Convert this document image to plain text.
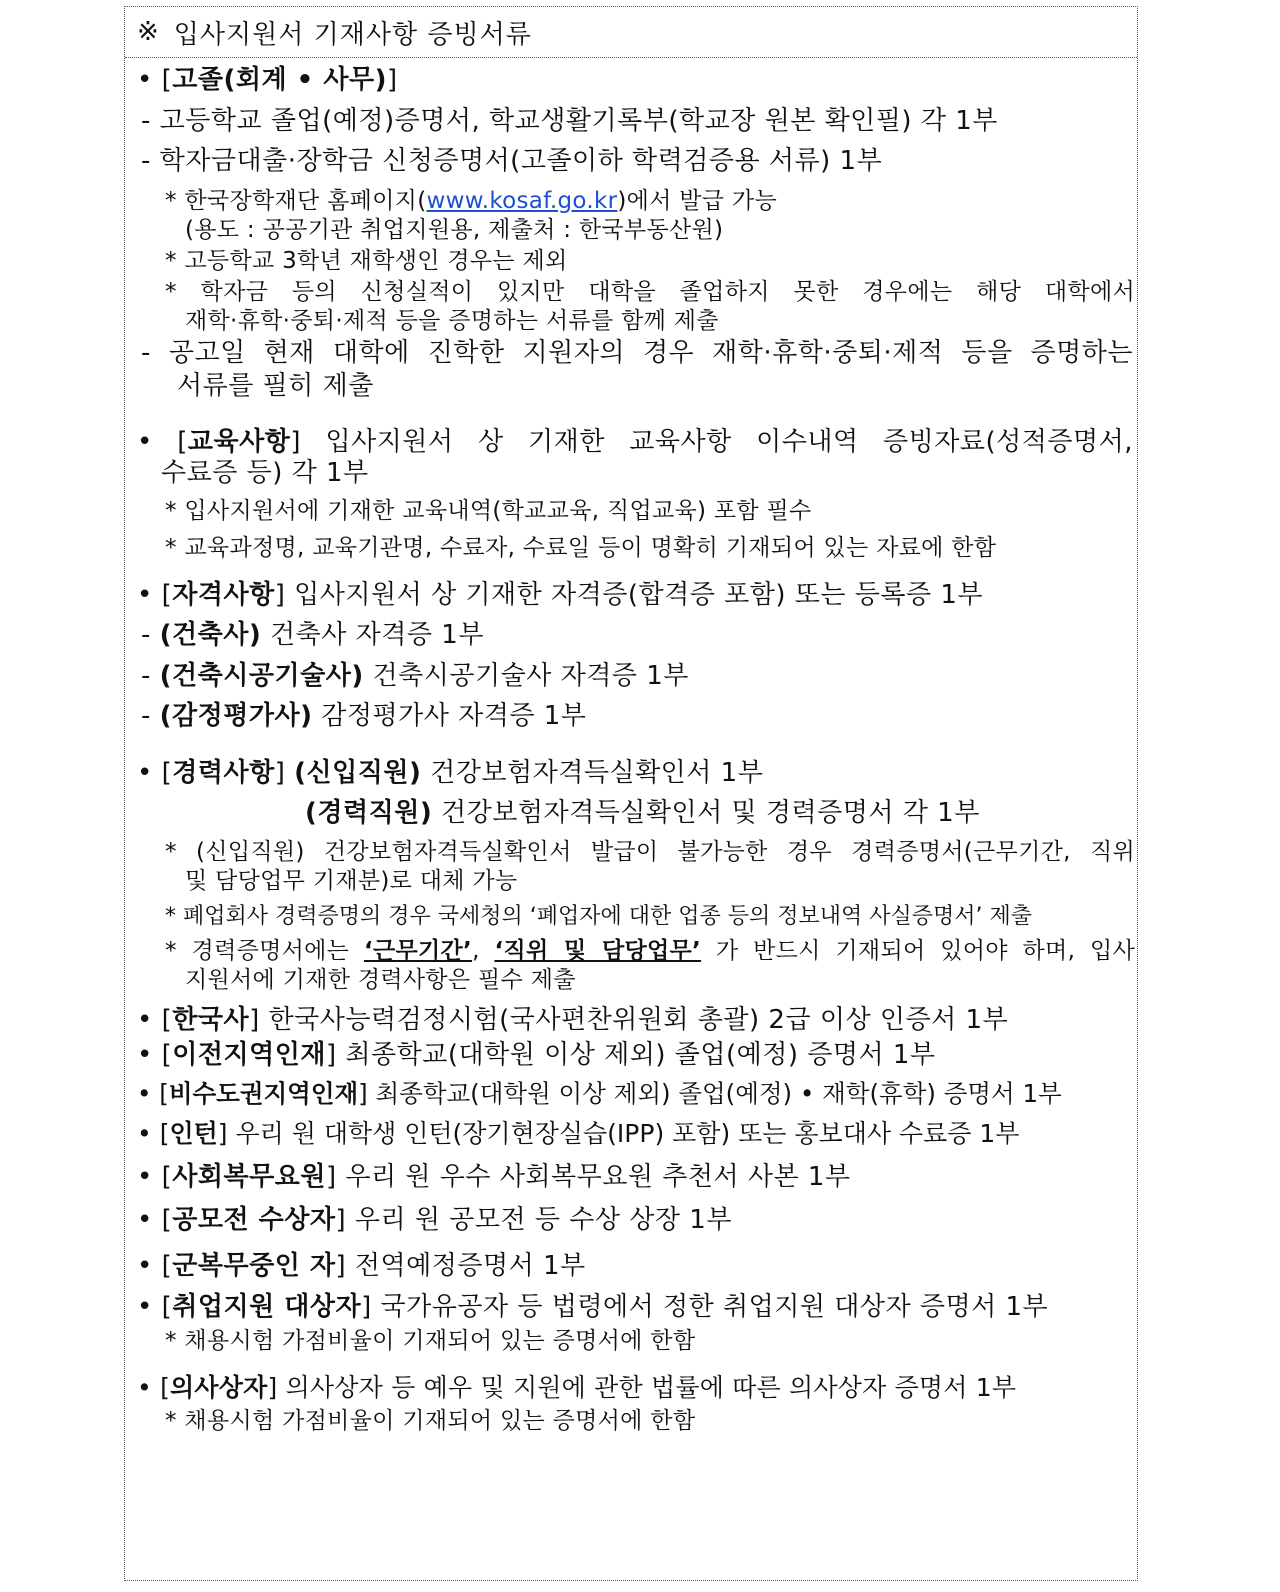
※ 입사지원서 기재사항 증빙서류
• [고졸(회계 • 사무)]
- 고등학교 졸업(예정)증명서, 학교생활기록부(학교장 원본 확인필) 각 1부
- 학자금대출·장학금 신청증명서(고졸이하 학력검증용 서류) 1부
* 한국장학재단 홈페이지(www.kosaf.go.kr)에서 발급 가능
(용도 : 공공기관 취업지원용, 제출처 : 한국부동산원)
* 고등학교 3학년 재학생인 경우는 제외
* 학자금 등의 신청실적이 있지만 대학을 졸업하지 못한 경우에는 해당 대학에서
재학·휴학·중퇴·제적 등을 증명하는 서류를 함께 제출
- 공고일 현재 대학에 진학한 지원자의 경우 재학·휴학·중퇴·제적 등을 증명하는
서류를 필히 제출
• [교육사항] 입사지원서 상 기재한 교육사항 이수내역 증빙자료(성적증명서,
수료증 등) 각 1부
* 입사지원서에 기재한 교육내역(학교교육, 직업교육) 포함 필수
* 교육과정명, 교육기관명, 수료자, 수료일 등이 명확히 기재되어 있는 자료에 한함
• [자격사항] 입사지원서 상 기재한 자격증(합격증 포함) 또는 등록증 1부
- (건축사) 건축사 자격증 1부
- (건축시공기술사) 건축시공기술사 자격증 1부
- (감정평가사) 감정평가사 자격증 1부
• [경력사항] (신입직원) 건강보험자격득실확인서 1부
(경력직원) 건강보험자격득실확인서 및 경력증명서 각 1부
* (신입직원) 건강보험자격득실확인서 발급이 불가능한 경우 경력증명서(근무기간, 직위
및 담당업무 기재분)로 대체 가능
* 폐업회사 경력증명의 경우 국세청의 ‘폐업자에 대한 업종 등의 정보내역 사실증명서’ 제출
* 경력증명서에는 ‘근무기간’, ‘직위 및 담당업무’ 가 반드시 기재되어 있어야 하며, 입사
지원서에 기재한 경력사항은 필수 제출
• [한국사] 한국사능력검정시험(국사편찬위원회 총괄) 2급 이상 인증서 1부
• [이전지역인재] 최종학교(대학원 이상 제외) 졸업(예정) 증명서 1부
• [비수도권지역인재] 최종학교(대학원 이상 제외) 졸업(예정) • 재학(휴학) 증명서 1부
• [인턴] 우리 원 대학생 인턴(장기현장실습(IPP) 포함) 또는 홍보대사 수료증 1부
• [사회복무요원] 우리 원 우수 사회복무요원 추천서 사본 1부
• [공모전 수상자] 우리 원 공모전 등 수상 상장 1부
• [군복무중인 자] 전역예정증명서 1부
• [취업지원 대상자] 국가유공자 등 법령에서 정한 취업지원 대상자 증명서 1부
* 채용시험 가점비율이 기재되어 있는 증명서에 한함
• [의사상자] 의사상자 등 예우 및 지원에 관한 법률에 따른 의사상자 증명서 1부
* 채용시험 가점비율이 기재되어 있는 증명서에 한함
